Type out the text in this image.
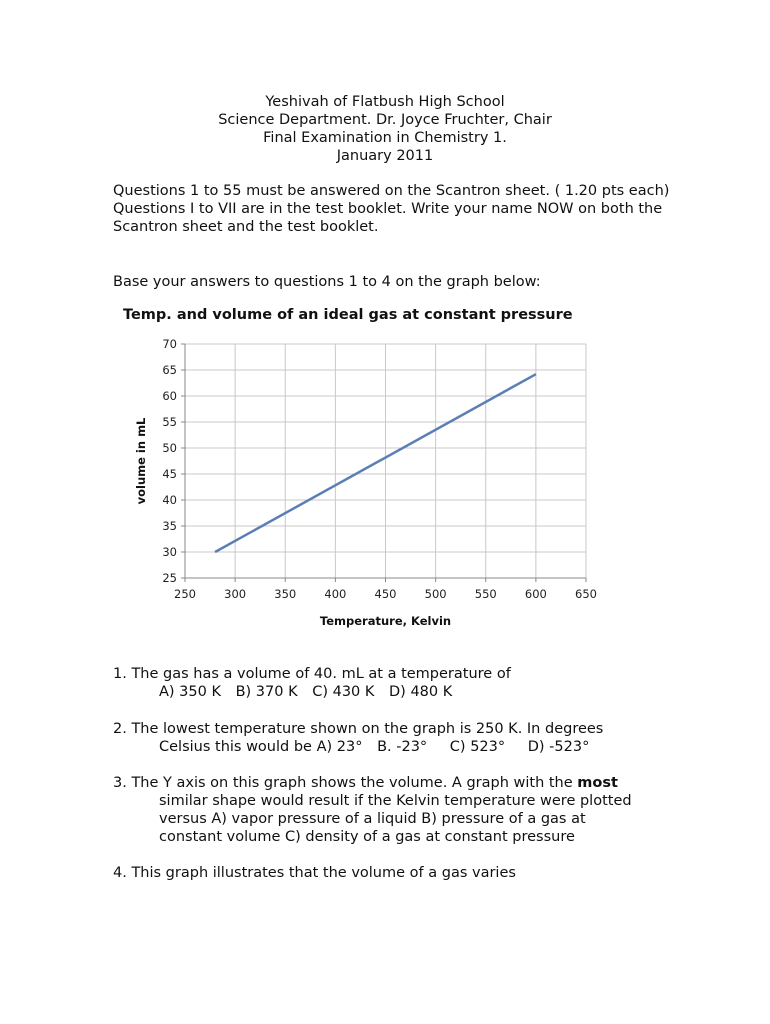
Yeshivah of Flatbush High School
Science Department. Dr. Joyce Fruchter, Chair
Final Examination in Chemistry 1.
January 2011

Questions 1 to 55 must be answered on the Scantron sheet. ( 1.20 pts each)

Questions I to VII are in the test booklet. Write your name NOW on both the Scantron sheet and the test booklet.

Base your answers to questions 1 to 4 on the graph below:
Temp. and volume of an ideal gas at constant pressure
25
30
35
40
45
50
55
60
65
70
250 300 350 400 450 500 550 600 650
Temperature, Kelvin
volume in mL
1. The gas has a volume of 40. mL at a temperature of
A) 350 K B) 370 K C) 430 K D) 480 K
2. The lowest temperature shown on the graph is 250 K. In degrees
Celsius this would be A) 23° B. -23° C) 523° D) -523°
3. The Y axis on this graph shows the volume. A graph with the most
similar shape would result if the Kelvin temperature were plotted
versus A) vapor pressure of a liquid B) pressure of a gas at
constant volume C) density of a gas at constant pressure
4. This graph illustrates that the volume of a gas varies
